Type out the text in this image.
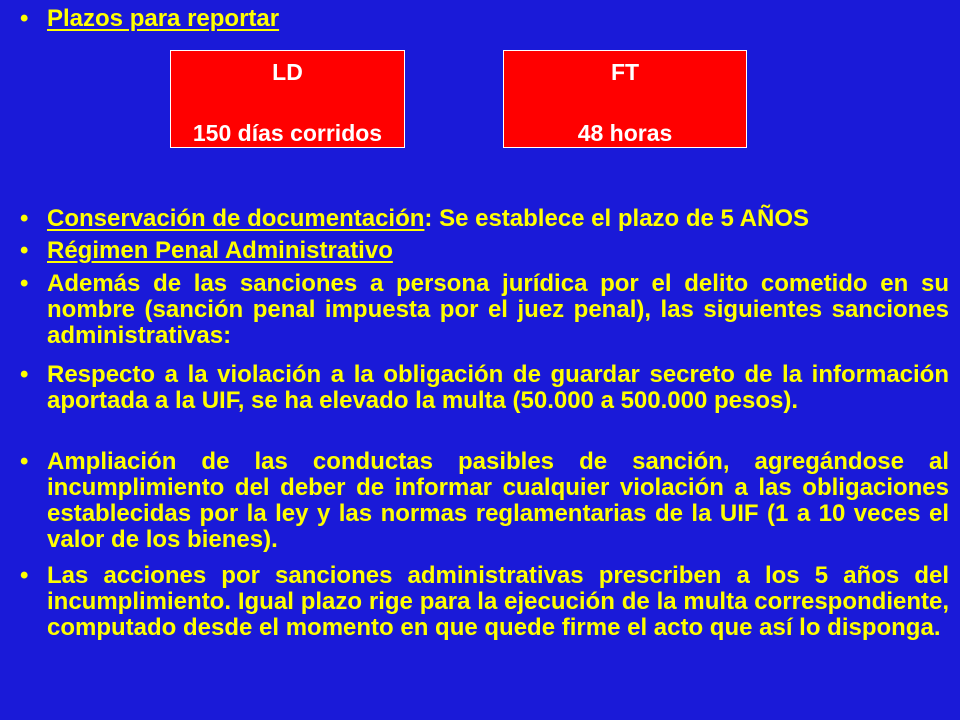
• Plazos para reportar
LD
150 días corridos
FT
48 horas
• Conservación de documentación: Se establece el plazo de 5 AÑOS
• Régimen Penal Administrativo
• Además de las sanciones a persona jurídica por el delito cometido en su nombre (sanción penal impuesta por el juez penal), las siguientes sanciones administrativas:
• Respecto a la violación a la obligación de guardar secreto de la información aportada a la UIF, se ha elevado la multa (50.000 a 500.000 pesos).
• Ampliación de las conductas pasibles de sanción, agregándose al incumplimiento del deber de informar cualquier violación a las obligaciones establecidas por la ley y las normas reglamentarias de la UIF (1 a 10 veces el valor de los bienes).
• Las acciones por sanciones administrativas prescriben a los 5 años del incumplimiento. Igual plazo rige para la ejecución de la multa correspondiente, computado desde el momento en que quede firme el acto que así lo disponga.
